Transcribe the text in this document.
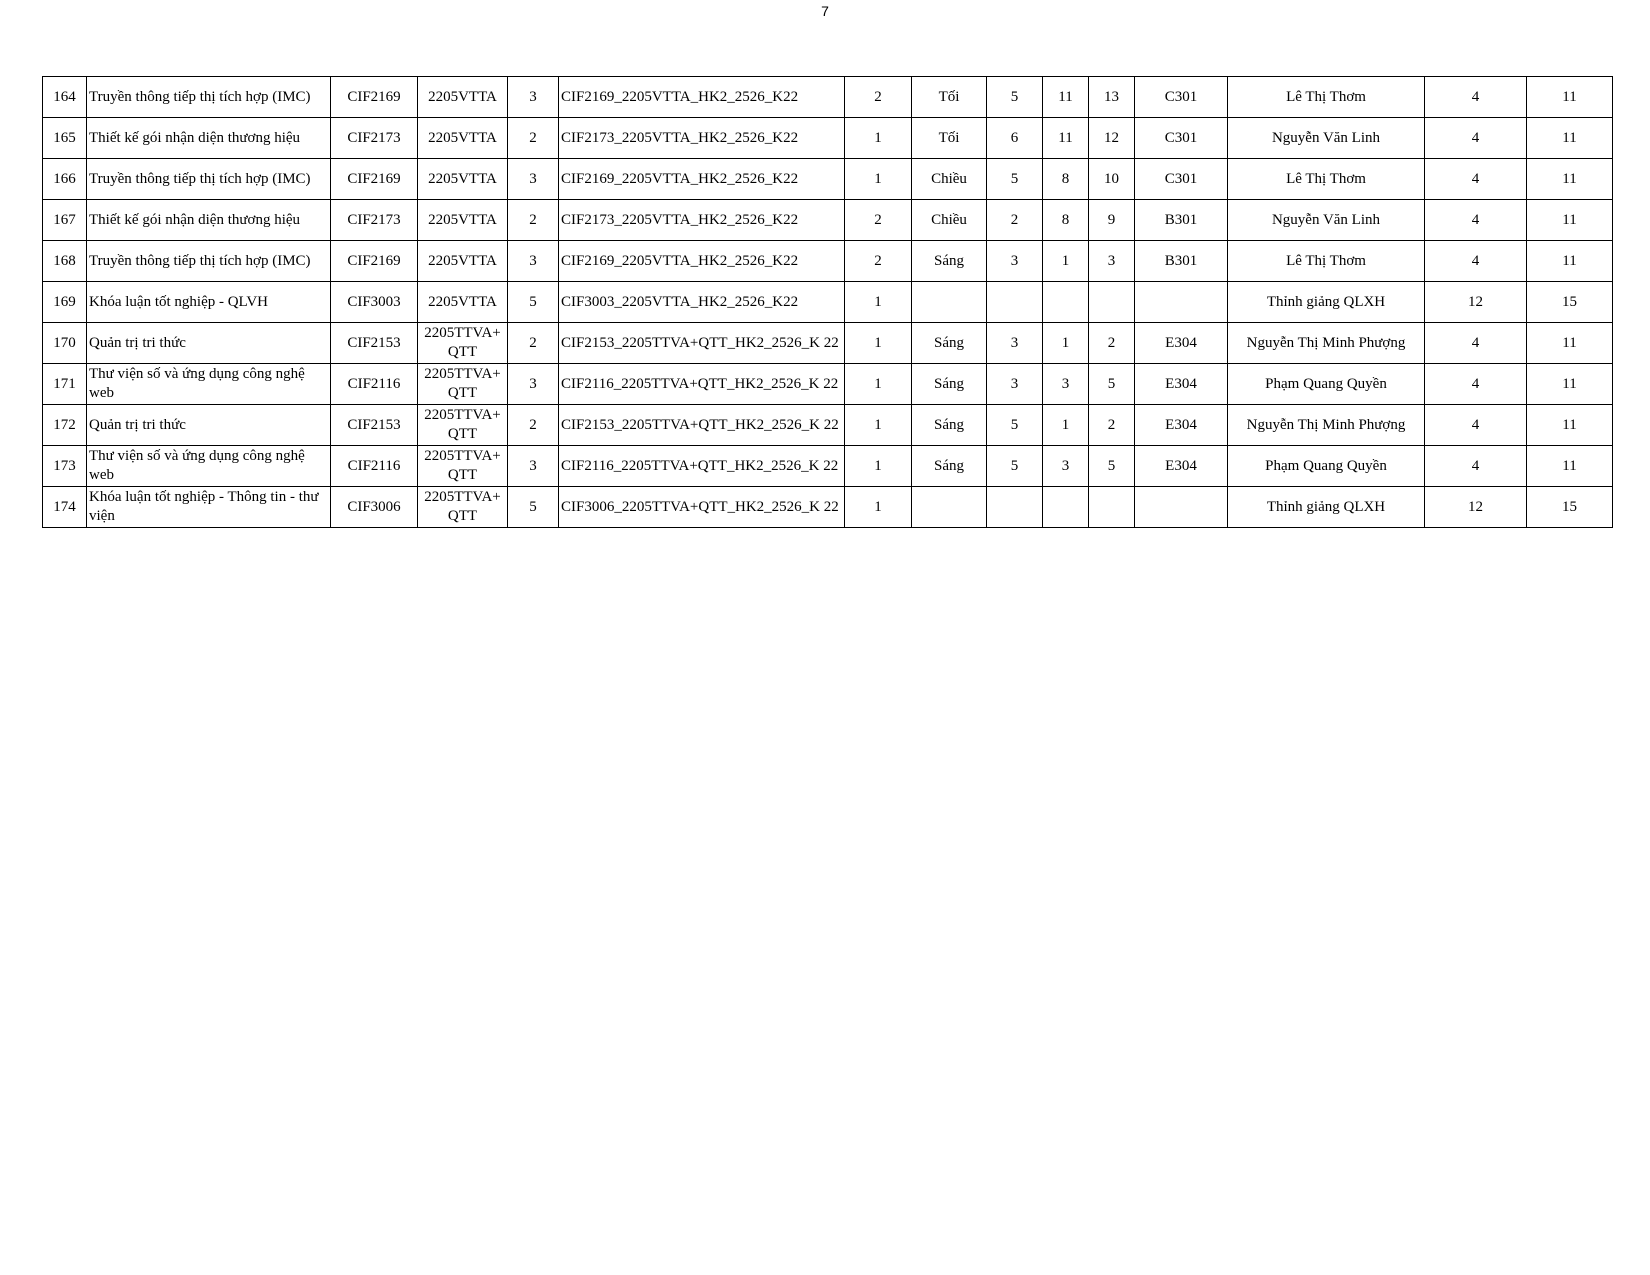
7
164	Truyền thông tiếp thị tích hợp (IMC)	CIF2169	2205VTTA	3	CIF2169_2205VTTA_HK2_2526_K22	2	Tối	5	11	13	C301	Lê Thị Thơm	4	11
165	Thiết kế gói nhận diện thương hiệu	CIF2173	2205VTTA	2	CIF2173_2205VTTA_HK2_2526_K22	1	Tối	6	11	12	C301	Nguyễn Văn Linh	4	11
166	Truyền thông tiếp thị tích hợp (IMC)	CIF2169	2205VTTA	3	CIF2169_2205VTTA_HK2_2526_K22	1	Chiều	5	8	10	C301	Lê Thị Thơm	4	11
167	Thiết kế gói nhận diện thương hiệu	CIF2173	2205VTTA	2	CIF2173_2205VTTA_HK2_2526_K22	2	Chiều	2	8	9	B301	Nguyễn Văn Linh	4	11
168	Truyền thông tiếp thị tích hợp (IMC)	CIF2169	2205VTTA	3	CIF2169_2205VTTA_HK2_2526_K22	2	Sáng	3	1	3	B301	Lê Thị Thơm	4	11
169	Khóa luận tốt nghiệp - QLVH	CIF3003	2205VTTA	5	CIF3003_2205VTTA_HK2_2526_K22	1						Thỉnh giảng QLXH	12	15
170	Quản trị tri thức	CIF2153	2205TTVA+ QTT	2	CIF2153_2205TTVA+QTT_HK2_2526_K 22	1	Sáng	3	1	2	E304	Nguyễn Thị Minh Phượng	4	11
171	Thư viện số và ứng dụng công nghệ web	CIF2116	2205TTVA+ QTT	3	CIF2116_2205TTVA+QTT_HK2_2526_K 22	1	Sáng	3	3	5	E304	Phạm Quang Quyền	4	11
172	Quản trị tri thức	CIF2153	2205TTVA+ QTT	2	CIF2153_2205TTVA+QTT_HK2_2526_K 22	1	Sáng	5	1	2	E304	Nguyễn Thị Minh Phượng	4	11
173	Thư viện số và ứng dụng công nghệ web	CIF2116	2205TTVA+ QTT	3	CIF2116_2205TTVA+QTT_HK2_2526_K 22	1	Sáng	5	3	5	E304	Phạm Quang Quyền	4	11
174	Khóa luận tốt nghiệp - Thông tin - thư viện	CIF3006	2205TTVA+ QTT	5	CIF3006_2205TTVA+QTT_HK2_2526_K 22	1						Thỉnh giảng QLXH	12	15
